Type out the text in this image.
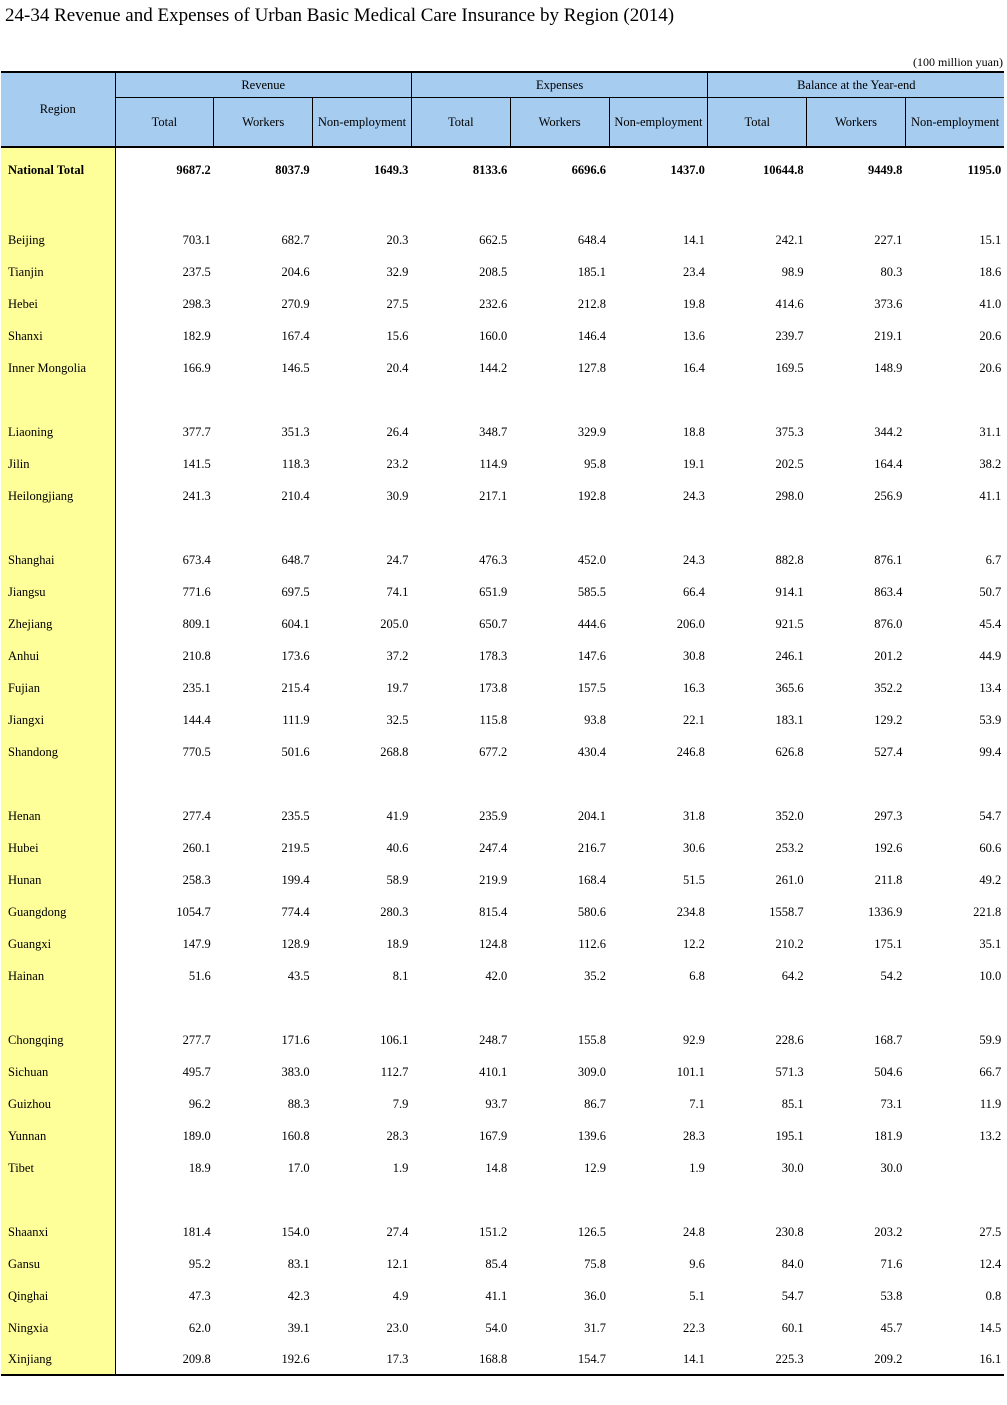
24-34 Revenue and Expenses of Urban Basic Medical Care Insurance by Region (2014)
(100 million yuan)
Region	Revenue			Expenses			Balance at the Year-end		
	Total	Workers	Non-employment	Total	Workers	Non-employment	Total	Workers	Non-employment

National Total	9687.2	8037.9	1649.3	8133.6	6696.6	1437.0	10644.8	9449.8	1195.0

Beijing	703.1	682.7	20.3	662.5	648.4	14.1	242.1	227.1	15.1
Tianjin	237.5	204.6	32.9	208.5	185.1	23.4	98.9	80.3	18.6
Hebei	298.3	270.9	27.5	232.6	212.8	19.8	414.6	373.6	41.0
Shanxi	182.9	167.4	15.6	160.0	146.4	13.6	239.7	219.1	20.6
Inner Mongolia	166.9	146.5	20.4	144.2	127.8	16.4	169.5	148.9	20.6

Liaoning	377.7	351.3	26.4	348.7	329.9	18.8	375.3	344.2	31.1
Jilin	141.5	118.3	23.2	114.9	95.8	19.1	202.5	164.4	38.2
Heilongjiang	241.3	210.4	30.9	217.1	192.8	24.3	298.0	256.9	41.1

Shanghai	673.4	648.7	24.7	476.3	452.0	24.3	882.8	876.1	6.7
Jiangsu	771.6	697.5	74.1	651.9	585.5	66.4	914.1	863.4	50.7
Zhejiang	809.1	604.1	205.0	650.7	444.6	206.0	921.5	876.0	45.4
Anhui	210.8	173.6	37.2	178.3	147.6	30.8	246.1	201.2	44.9
Fujian	235.1	215.4	19.7	173.8	157.5	16.3	365.6	352.2	13.4
Jiangxi	144.4	111.9	32.5	115.8	93.8	22.1	183.1	129.2	53.9
Shandong	770.5	501.6	268.8	677.2	430.4	246.8	626.8	527.4	99.4

Henan	277.4	235.5	41.9	235.9	204.1	31.8	352.0	297.3	54.7
Hubei	260.1	219.5	40.6	247.4	216.7	30.6	253.2	192.6	60.6
Hunan	258.3	199.4	58.9	219.9	168.4	51.5	261.0	211.8	49.2
Guangdong	1054.7	774.4	280.3	815.4	580.6	234.8	1558.7	1336.9	221.8
Guangxi	147.9	128.9	18.9	124.8	112.6	12.2	210.2	175.1	35.1
Hainan	51.6	43.5	8.1	42.0	35.2	6.8	64.2	54.2	10.0

Chongqing	277.7	171.6	106.1	248.7	155.8	92.9	228.6	168.7	59.9
Sichuan	495.7	383.0	112.7	410.1	309.0	101.1	571.3	504.6	66.7
Guizhou	96.2	88.3	7.9	93.7	86.7	7.1	85.1	73.1	11.9
Yunnan	189.0	160.8	28.3	167.9	139.6	28.3	195.1	181.9	13.2
Tibet	18.9	17.0	1.9	14.8	12.9	1.9	30.0	30.0	

Shaanxi	181.4	154.0	27.4	151.2	126.5	24.8	230.8	203.2	27.5
Gansu	95.2	83.1	12.1	85.4	75.8	9.6	84.0	71.6	12.4
Qinghai	47.3	42.3	4.9	41.1	36.0	5.1	54.7	53.8	0.8
Ningxia	62.0	39.1	23.0	54.0	31.7	22.3	60.1	45.7	14.5
Xinjiang	209.8	192.6	17.3	168.8	154.7	14.1	225.3	209.2	16.1
